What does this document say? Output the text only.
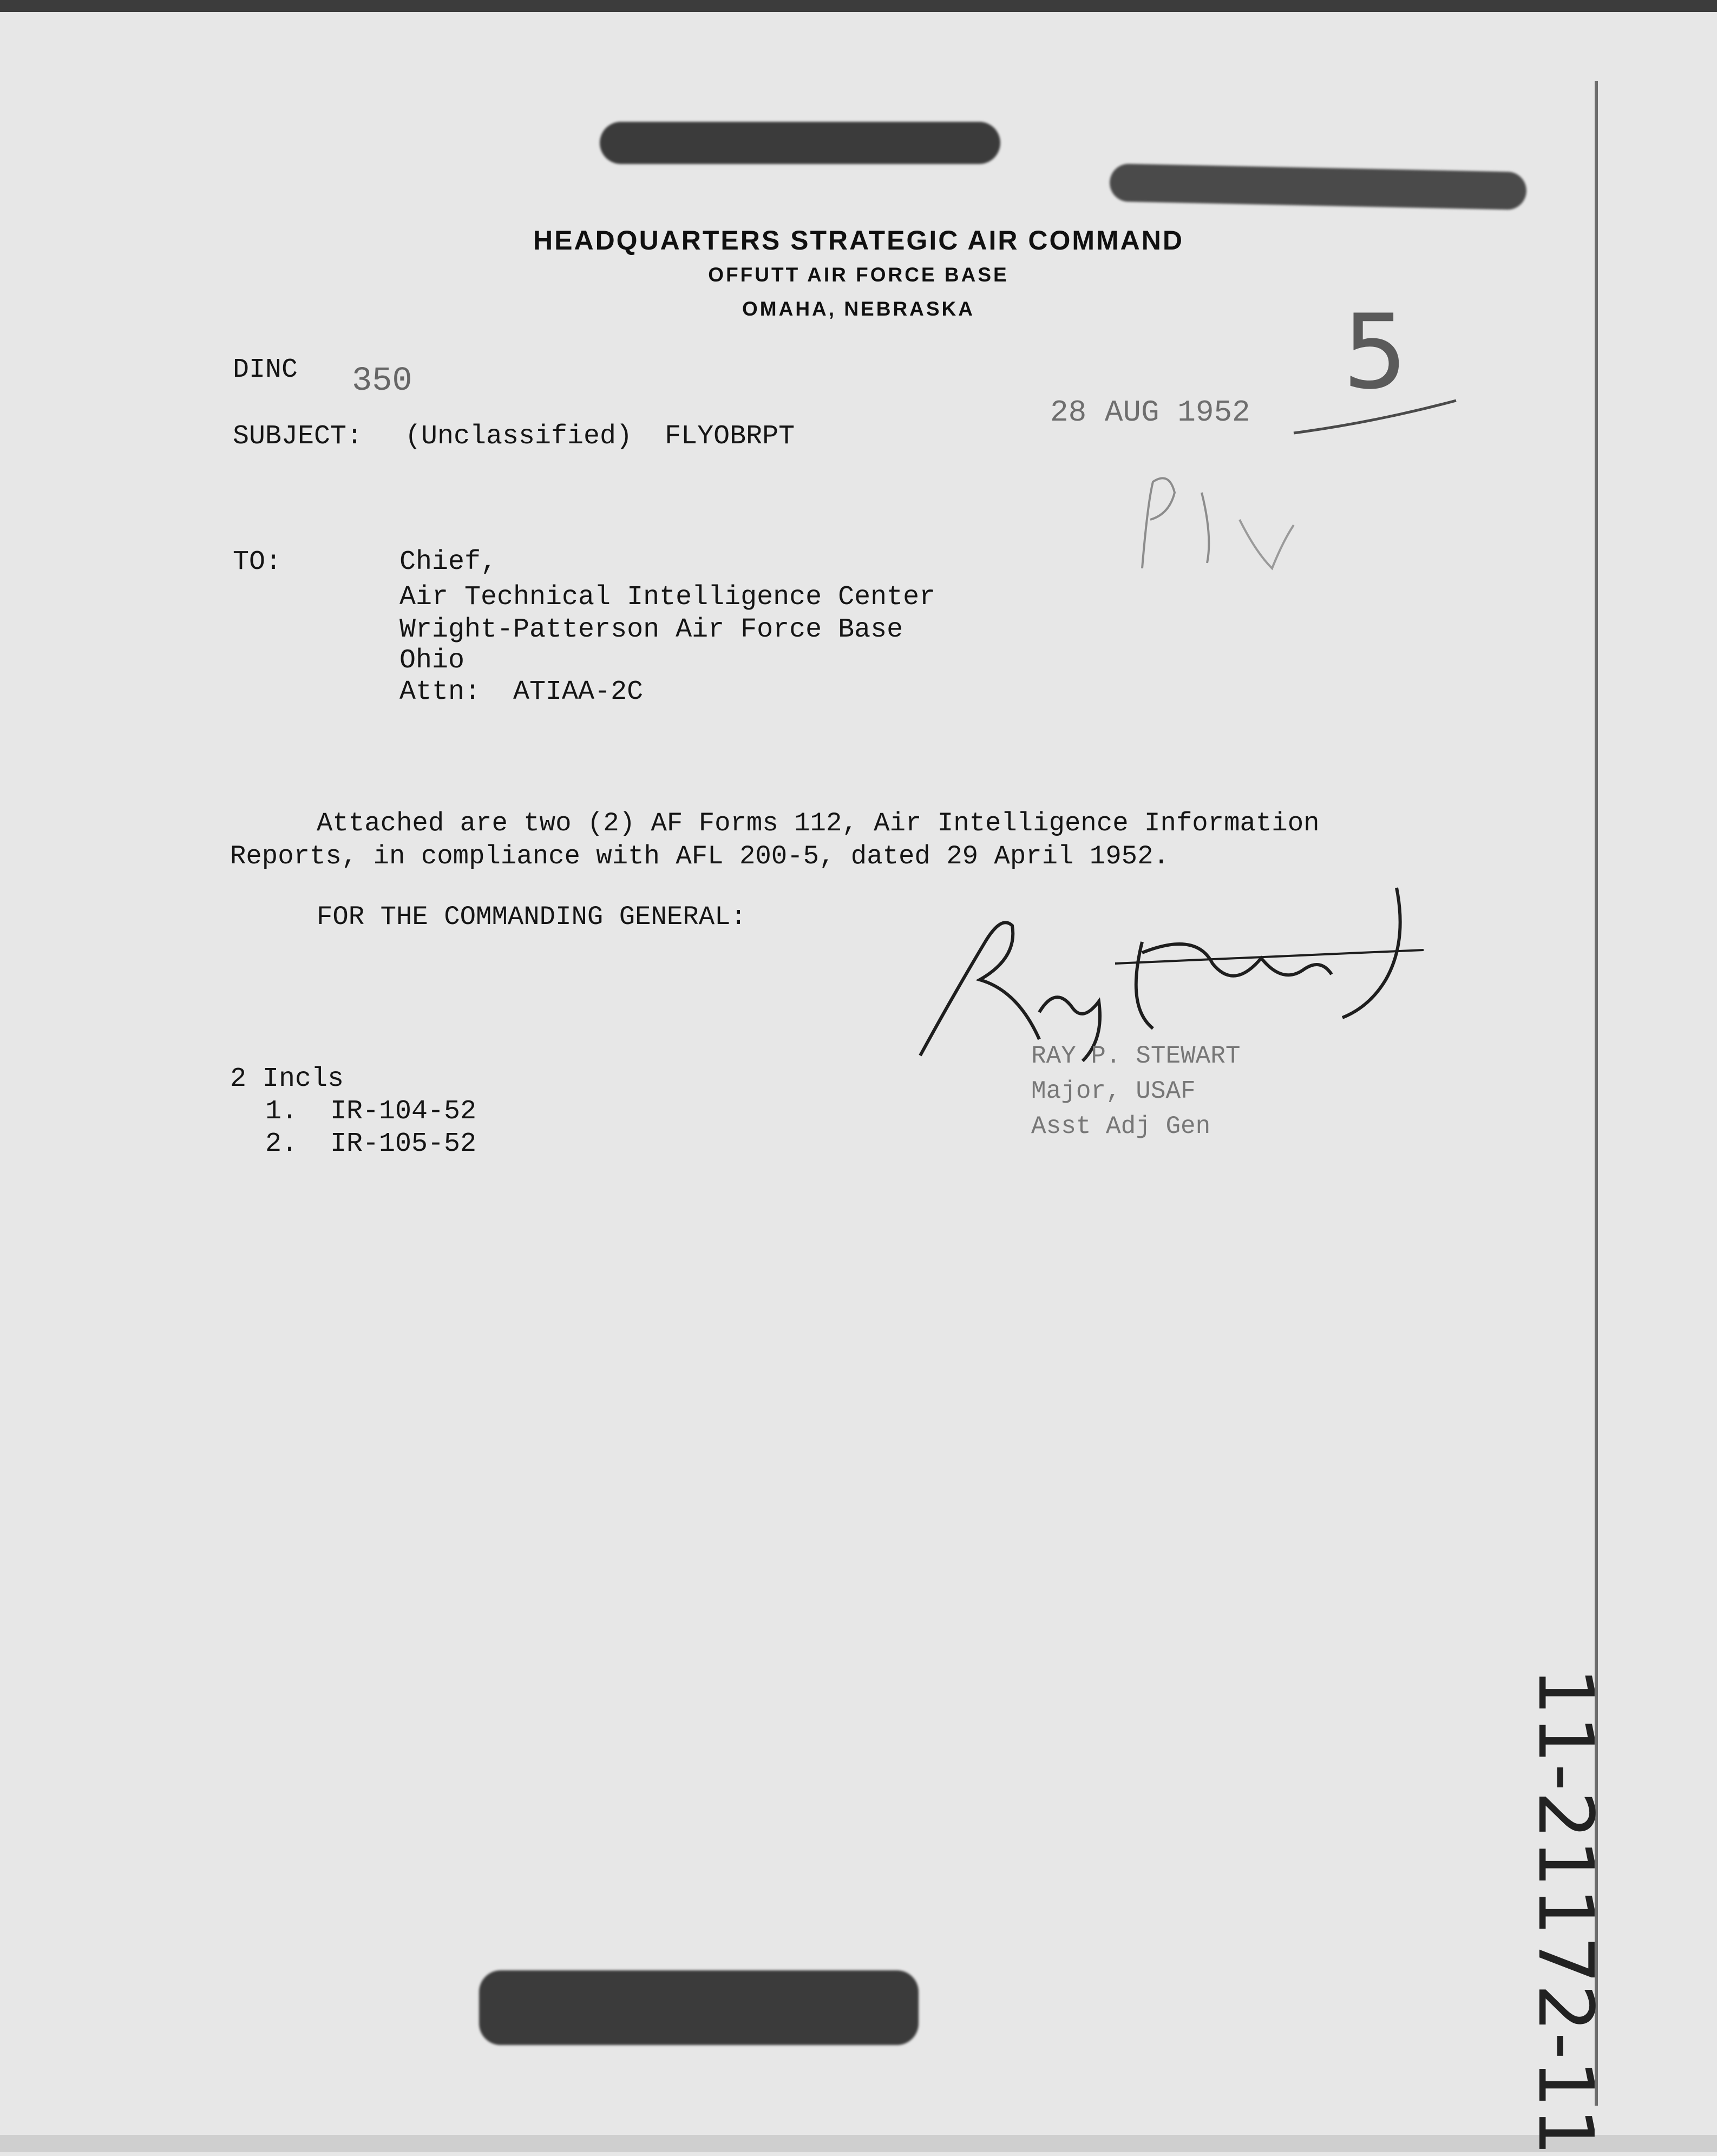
HEADQUARTERS STRATEGIC AIR COMMAND
OFFUTT AIR FORCE BASE
OMAHA, NEBRASKA
DINC 350
28 AUG 1952
SUBJECT: (Unclassified)  FLYOBRPT
5
TO:	Chief,
Air Technical Intelligence Center
Wright-Patterson Air Force Base
Ohio
Attn:  ATIAA-2C
Attached are two (2) AF Forms 112, Air Intelligence Information
Reports, in compliance with AFL 200-5, dated 29 April 1952.
FOR THE COMMANDING GENERAL:
RAY P. STEWART
Major, USAF
Asst Adj Gen
2 Incls
1.  IR-104-52
2.  IR-105-52
11-21172-11
